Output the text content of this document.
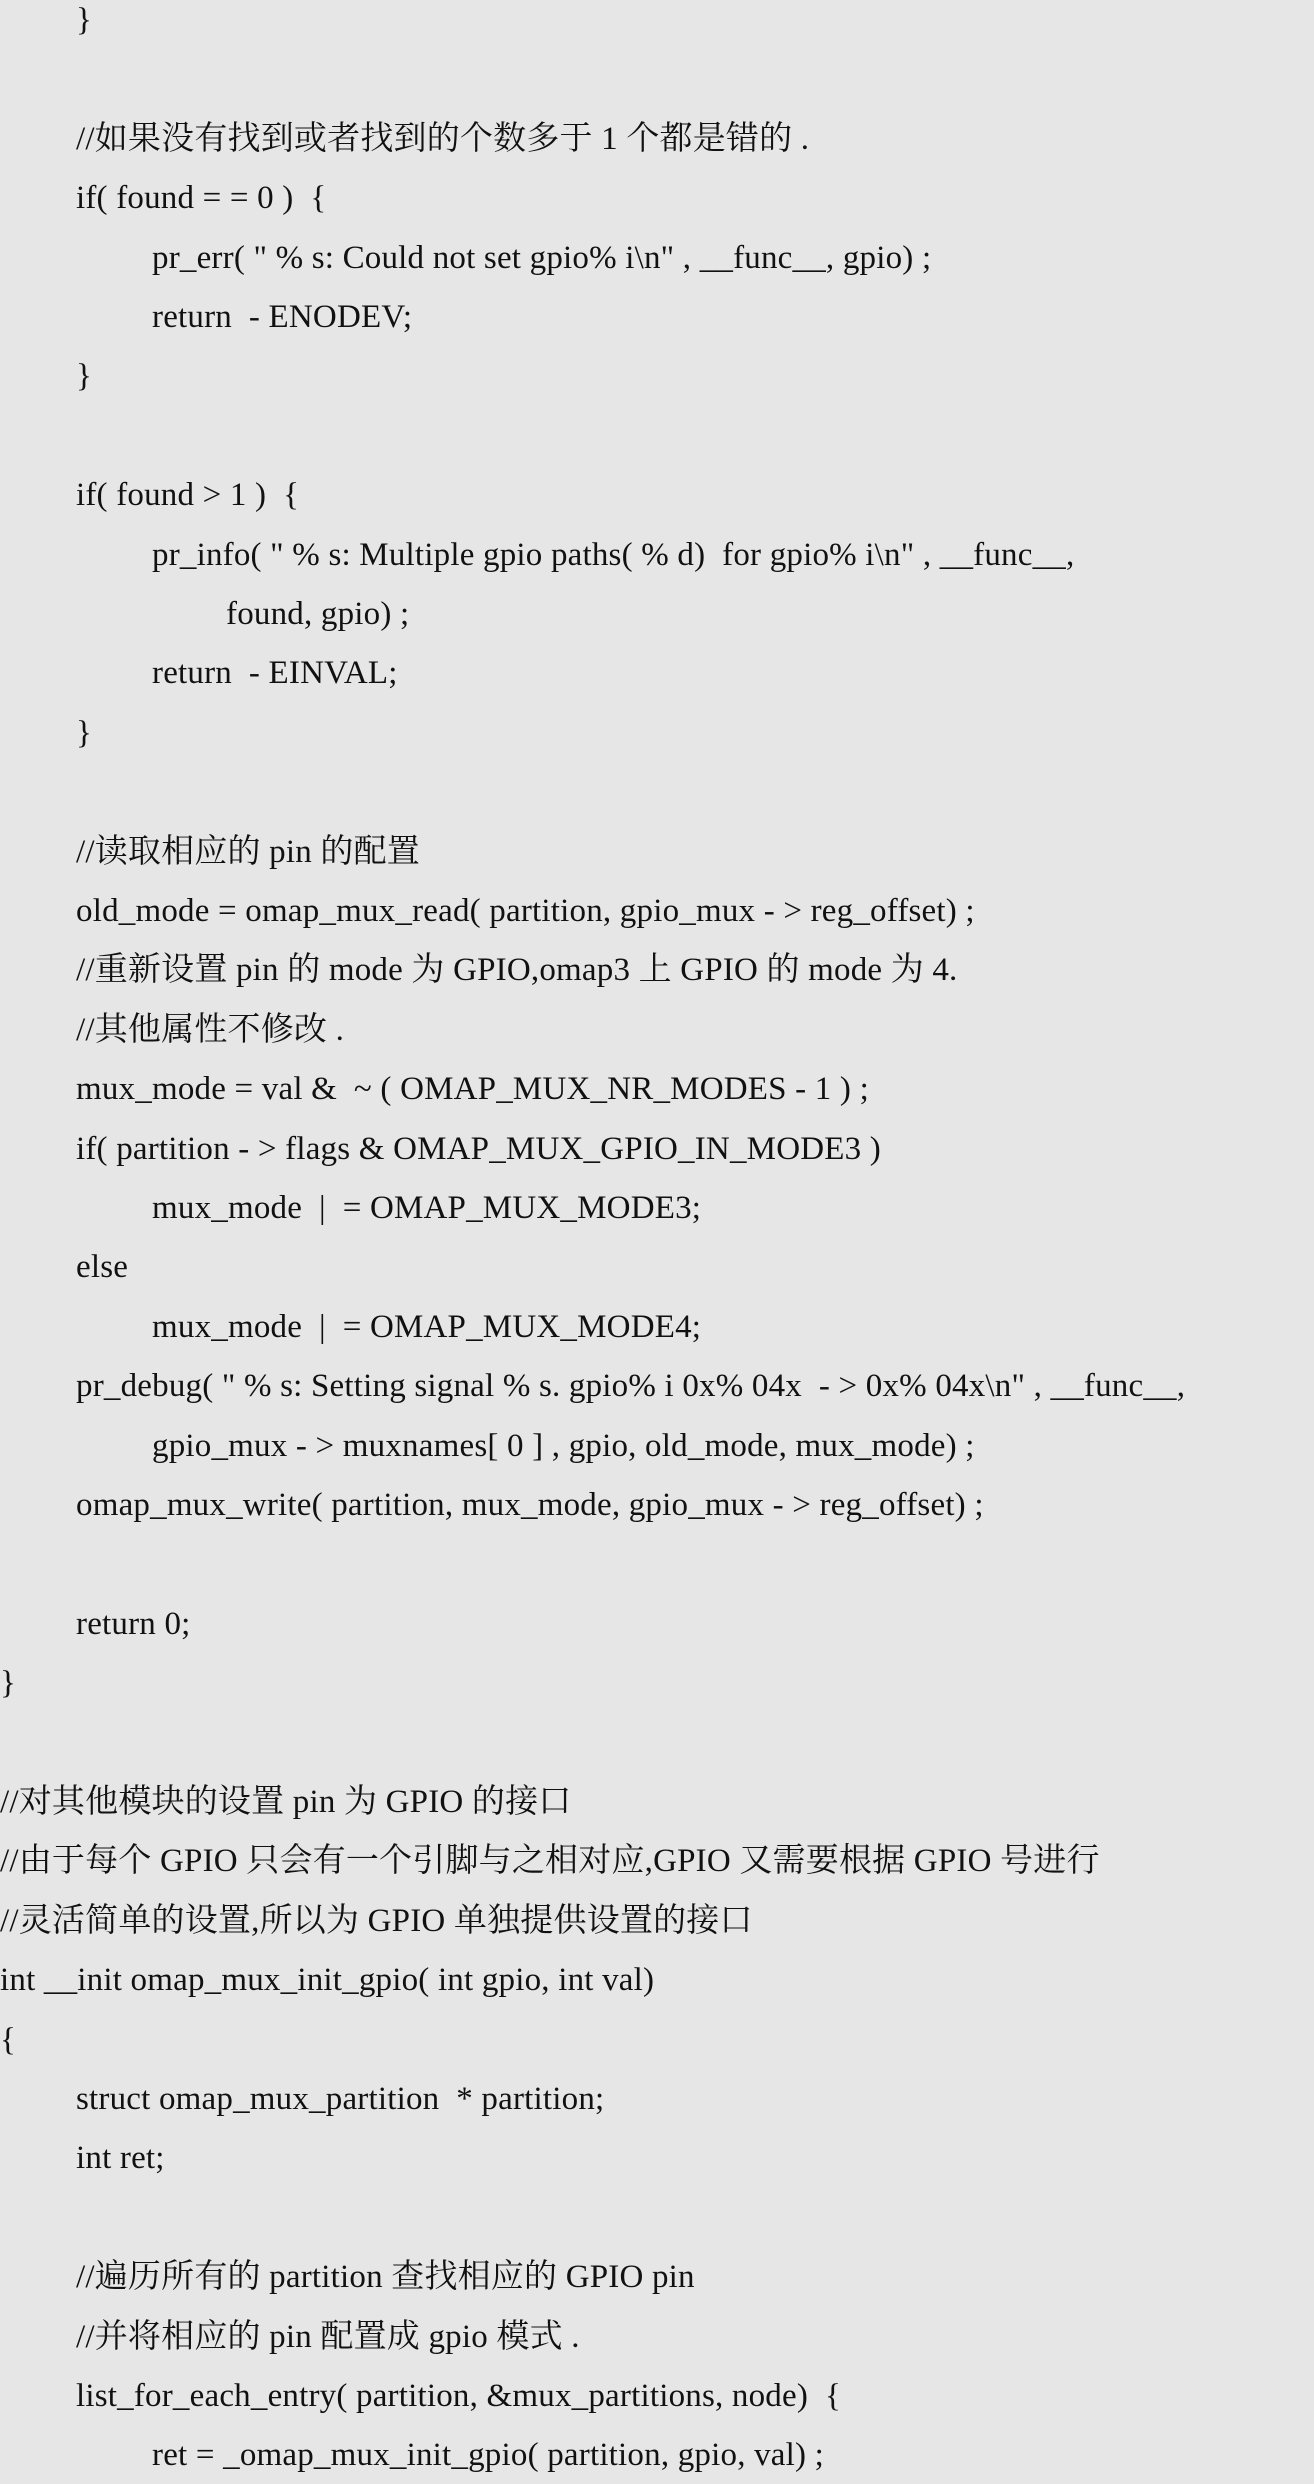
}
//如果没有找到或者找到的个数多于 1 个都是错的 .
if( found = = 0 )  {
pr_err( " % s: Could not set gpio% i\n" , __func__, gpio) ;
return  - ENODEV;
}
if( found > 1 )  {
pr_info( " % s: Multiple gpio paths( % d)  for gpio% i\n" , __func__,
found, gpio) ;
return  - EINVAL;
}
//读取相应的 pin 的配置
old_mode = omap_mux_read( partition, gpio_mux - > reg_offset) ;
//重新设置 pin 的 mode 为 GPIO,omap3 上 GPIO 的 mode 为 4.
//其他属性不修改 .
mux_mode = val &  ~ ( OMAP_MUX_NR_MODES - 1 ) ;
if( partition - > flags & OMAP_MUX_GPIO_IN_MODE3 )
mux_mode  |  = OMAP_MUX_MODE3;
else
mux_mode  |  = OMAP_MUX_MODE4;
pr_debug( " % s: Setting signal % s. gpio% i 0x% 04x  - > 0x% 04x\n" , __func__,
gpio_mux - > muxnames[ 0 ] , gpio, old_mode, mux_mode) ;
omap_mux_write( partition, mux_mode, gpio_mux - > reg_offset) ;
return 0;
}
//对其他模块的设置 pin 为 GPIO 的接口
//由于每个 GPIO 只会有一个引脚与之相对应,GPIO 又需要根据 GPIO 号进行
//灵活简单的设置,所以为 GPIO 单独提供设置的接口
int __init omap_mux_init_gpio( int gpio, int val)
{
struct omap_mux_partition  * partition;
int ret;
//遍历所有的 partition 查找相应的 GPIO pin
//并将相应的 pin 配置成 gpio 模式 .
list_for_each_entry( partition, &mux_partitions, node)  {
ret = _omap_mux_init_gpio( partition, gpio, val) ;
